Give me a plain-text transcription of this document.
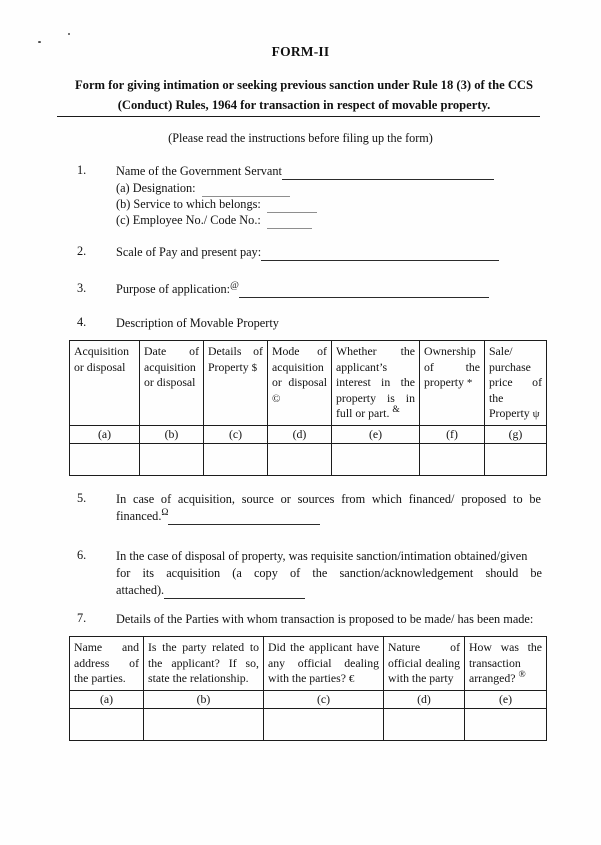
FORM-II
Form for giving intimation or seeking previous sanction under Rule 18 (3) of the CCS
(Conduct) Rules, 1964 for transaction in respect of movable property.
(Please read the instructions before filing up the form)
1.	Name of the Government Servant
(a) Designation:
(b) Service to which belongs:
(c) Employee No./ Code No.:
2.	Scale of Pay and present pay:
3.	Purpose of application:@
4.	Description of Movable Property
Acquisition or disposal	Date of acquisition or disposal	Details of Property $	Mode of acquisition or disposal ©	Whether the applicant’s interest in the property is in full or part. &	Ownership of the property *	Sale/ purchase price of the Property ψ
(a)	(b)	(c)	(d)	(e)	(f)	(g)

5.	In case of acquisition, source or sources from which financed/ proposed to be
financed.$^\Omega$
6.	In the case of disposal of property, was requisite sanction/intimation obtained/given
for its acquisition (a copy of the sanction/acknowledgement should be
attached).
7.	Details of the Parties with whom transaction is proposed to be made/ has been made:
Name and address of the parties.	Is the party related to the applicant? If so, state the relationship.	Did the applicant have any official dealing with the parties? €	Nature of official dealing with the party	How was the transaction arranged? ®
(a)	(b)	(c)	(d)	(e)
